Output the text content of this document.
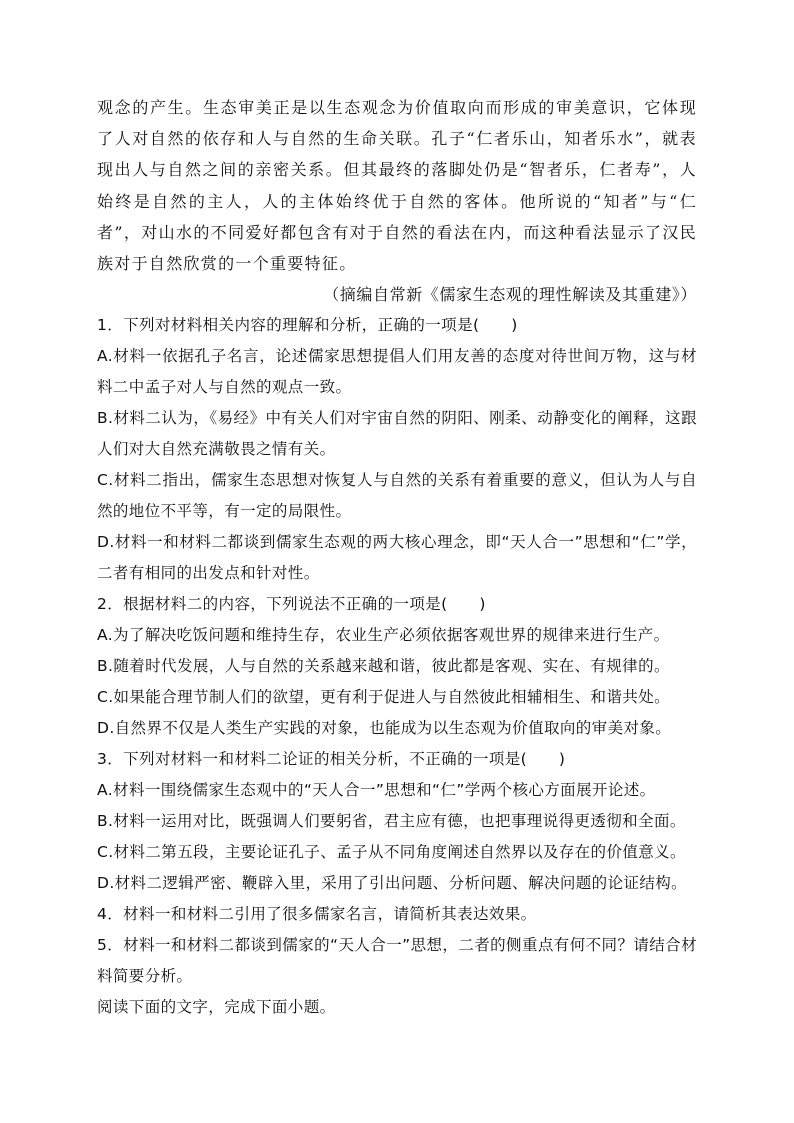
观念的产生。生态审美正是以生态观念为价值取向而形成的审美意识，它体现了人对自然的依存和人与自然的生命关联。孔子“仁者乐山，知者乐水”，就表现出人与自然之间的亲密关系。但其最终的落脚处仍是“智者乐，仁者寿”，人始终是自然的主人，人的主体始终优于自然的客体。他所说的“知者”与“仁者”，对山水的不同爱好都包含有对于自然的看法在内，而这种看法显示了汉民族对于自然欣赏的一个重要特征。

（摘编自常新《儒家生态观的理性解读及其重建》）

1．下列对材料相关内容的理解和分析，正确的一项是(　　)

A.材料一依据孔子名言，论述儒家思想提倡人们用友善的态度对待世间万物，这与材料二中孟子对人与自然的观点一致。

B.材料二认为，《易经》中有关人们对宇宙自然的阴阳、刚柔、动静变化的阐释，这跟人们对大自然充满敬畏之情有关。

C.材料二指出，儒家生态思想对恢复人与自然的关系有着重要的意义，但认为人与自然的地位不平等，有一定的局限性。

D.材料一和材料二都谈到儒家生态观的两大核心理念，即“天人合一”思想和“仁”学，二者有相同的出发点和针对性。

2．根据材料二的内容，下列说法不正确的一项是(　　)

A.为了解决吃饭问题和维持生存，农业生产必须依据客观世界的规律来进行生产。

B.随着时代发展，人与自然的关系越来越和谐，彼此都是客观、实在、有规律的。

C.如果能合理节制人们的欲望，更有利于促进人与自然彼此相辅相生、和谐共处。

D.自然界不仅是人类生产实践的对象，也能成为以生态观为价值取向的审美对象。

3．下列对材料一和材料二论证的相关分析，不正确的一项是(　　)

A.材料一围绕儒家生态观中的“天人合一”思想和“仁”学两个核心方面展开论述。

B.材料一运用对比，既强调人们要躬省，君主应有德，也把事理说得更透彻和全面。

C.材料二第五段，主要论证孔子、孟子从不同角度阐述自然界以及存在的价值意义。

D.材料二逻辑严密、鞭辟入里，采用了引出问题、分析问题、解决问题的论证结构。

4．材料一和材料二引用了很多儒家名言，请简析其表达效果。

5．材料一和材料二都谈到儒家的“天人合一”思想，二者的侧重点有何不同？请结合材料简要分析。

阅读下面的文字，完成下面小题。
